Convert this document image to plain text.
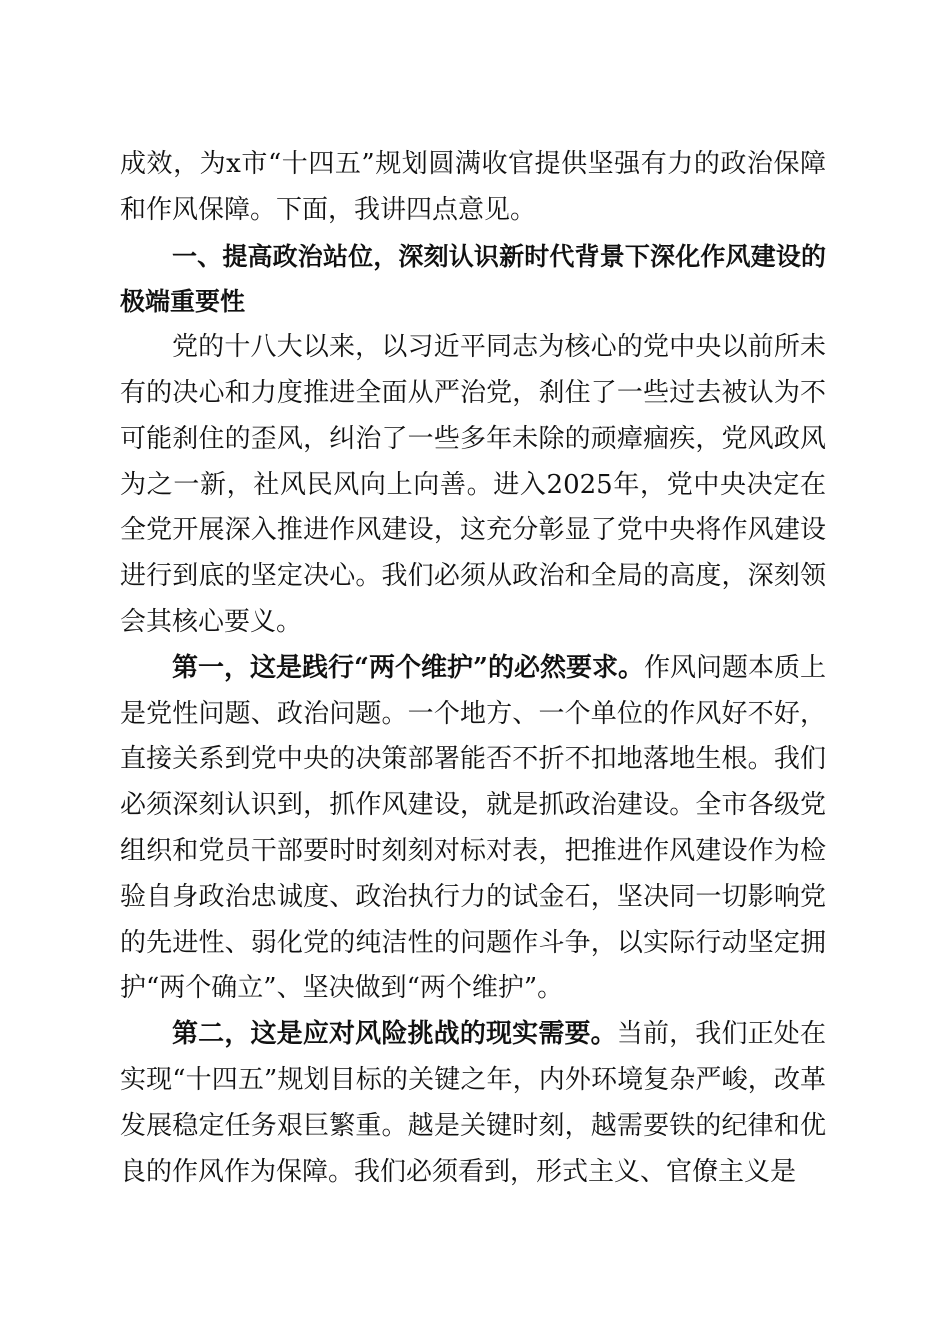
成效，为x市“十四五”规划圆满收官提供坚强有力的政治保障和作风保障。下面，我讲四点意见。

一、提高政治站位，深刻认识新时代背景下深化作风建设的极端重要性

党的十八大以来，以习近平同志为核心的党中央以前所未有的决心和力度推进全面从严治党，刹住了一些过去被认为不可能刹住的歪风，纠治了一些多年未除的顽瘴痼疾，党风政风为之一新，社风民风向上向善。进入2025年，党中央决定在全党开展深入推进作风建设，这充分彰显了党中央将作风建设进行到底的坚定决心。我们必须从政治和全局的高度，深刻领会其核心要义。

第一，这是践行“两个维护”的必然要求。作风问题本质上是党性问题、政治问题。一个地方、一个单位的作风好不好，直接关系到党中央的决策部署能否不折不扣地落地生根。我们必须深刻认识到，抓作风建设，就是抓政治建设。全市各级党组织和党员干部要时时刻刻对标对表，把推进作风建设作为检验自身政治忠诚度、政治执行力的试金石，坚决同一切影响党的先进性、弱化党的纯洁性的问题作斗争，以实际行动坚定拥护“两个确立”、坚决做到“两个维护”。

第二，这是应对风险挑战的现实需要。当前，我们正处在实现“十四五”规划目标的关键之年，内外环境复杂严峻，改革发展稳定任务艰巨繁重。越是关键时刻，越需要铁的纪律和优良的作风作为保障。我们必须看到，形式主义、官僚主义是
